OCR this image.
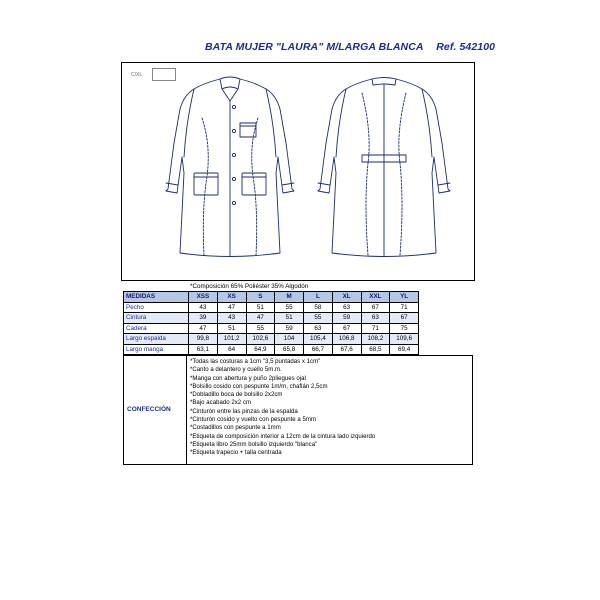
BATA MUJER "LAURA" M/LARGA BLANCA Ref. 542100
C/XL
*Composición 65% Poliéster 35% Algodón
MEDIDAS	XSS	XS	S	M	L	XL	XXL	YL
Pecho	43	47	51	55	58	63	67	71
Cintura	39	43	47	51	55	59	63	67
Cadera	47	51	55	59	63	67	71	75
Largo espalda	99,8	101,2	102,6	104	105,4	106,8	108,2	109,6
Largo manga	63,1	64	64,9	65,8	66,7	67,6	68,5	69,4
CONFECCIÓN
*Todas las costuras a 1cm "3,5 puntadas x 1cm"
*Canto a delantero y cuello 5m.m.
*Manga con abertura y puño 2pliegues ojal
*Bolsillo cosido con pespunte 1m/m, chaflán 2,5cm
*Dobladillo boca de bolsillo 2x2cm
*Bajo acabado 2x2 cm
*Cinturón entre las pinzas de la espalda
*Cinturón cosido y vuelto con pespunte a 5mm
*Costadillos con pespunte a 1mm
*Etiqueta de composición interior a 12cm de la cintura lado izquierdo
*Etiqueta libro 25mm bolsillo izquierdo "blanca"
*Etiqueta trapecio + talla centrada
